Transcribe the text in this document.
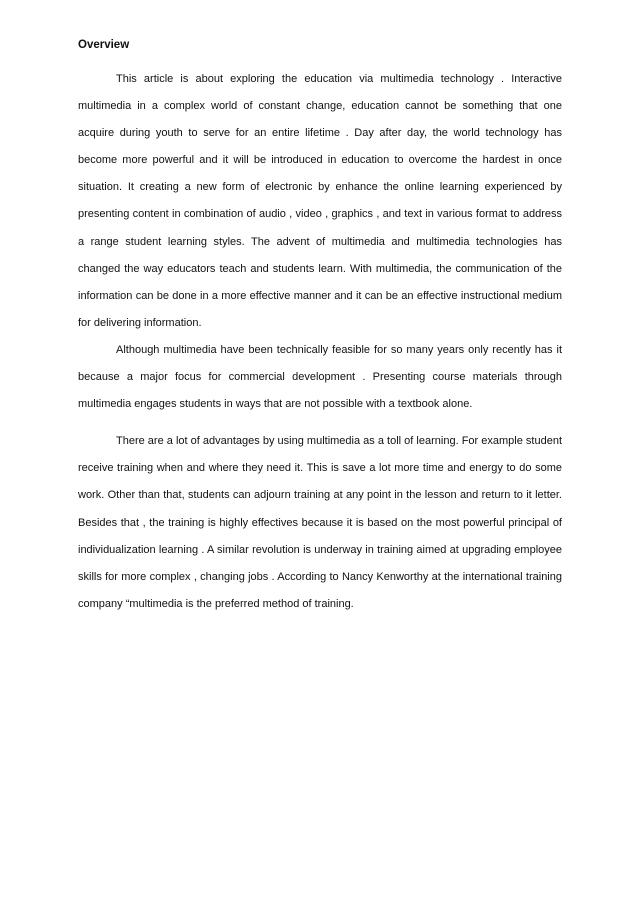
Overview

This article is about exploring the education via multimedia technology . Interactive multimedia in a complex world of constant change, education cannot be something that one acquire during youth to serve for an entire lifetime . Day after day, the world technology has become more powerful and it will be introduced in education to overcome the hardest in once situation. It creating a new form of electronic by enhance the online learning experienced by presenting content in combination of audio , video , graphics , and text in various format to address a range student learning styles. The advent of multimedia and multimedia technologies has changed the way educators teach and students learn. With multimedia, the communication of the information can be done in a more effective manner and it can be an effective instructional medium for delivering information.

Although multimedia have been technically feasible for so many years only recently has it because a major focus for commercial development . Presenting course materials through multimedia engages students in ways that are not possible with a textbook alone.

There are a lot of advantages by using multimedia as a toll of learning. For example student receive training when and where they need it. This is save a lot more time and energy to do some work. Other than that, students can adjourn training at any point in the lesson and return to it letter. Besides that , the training is highly effectives because it is based on the most powerful principal of individualization learning . A similar revolution is underway in training aimed at upgrading employee skills for more complex , changing jobs . According to Nancy Kenworthy at the international training company “multimedia is the preferred method of training.
